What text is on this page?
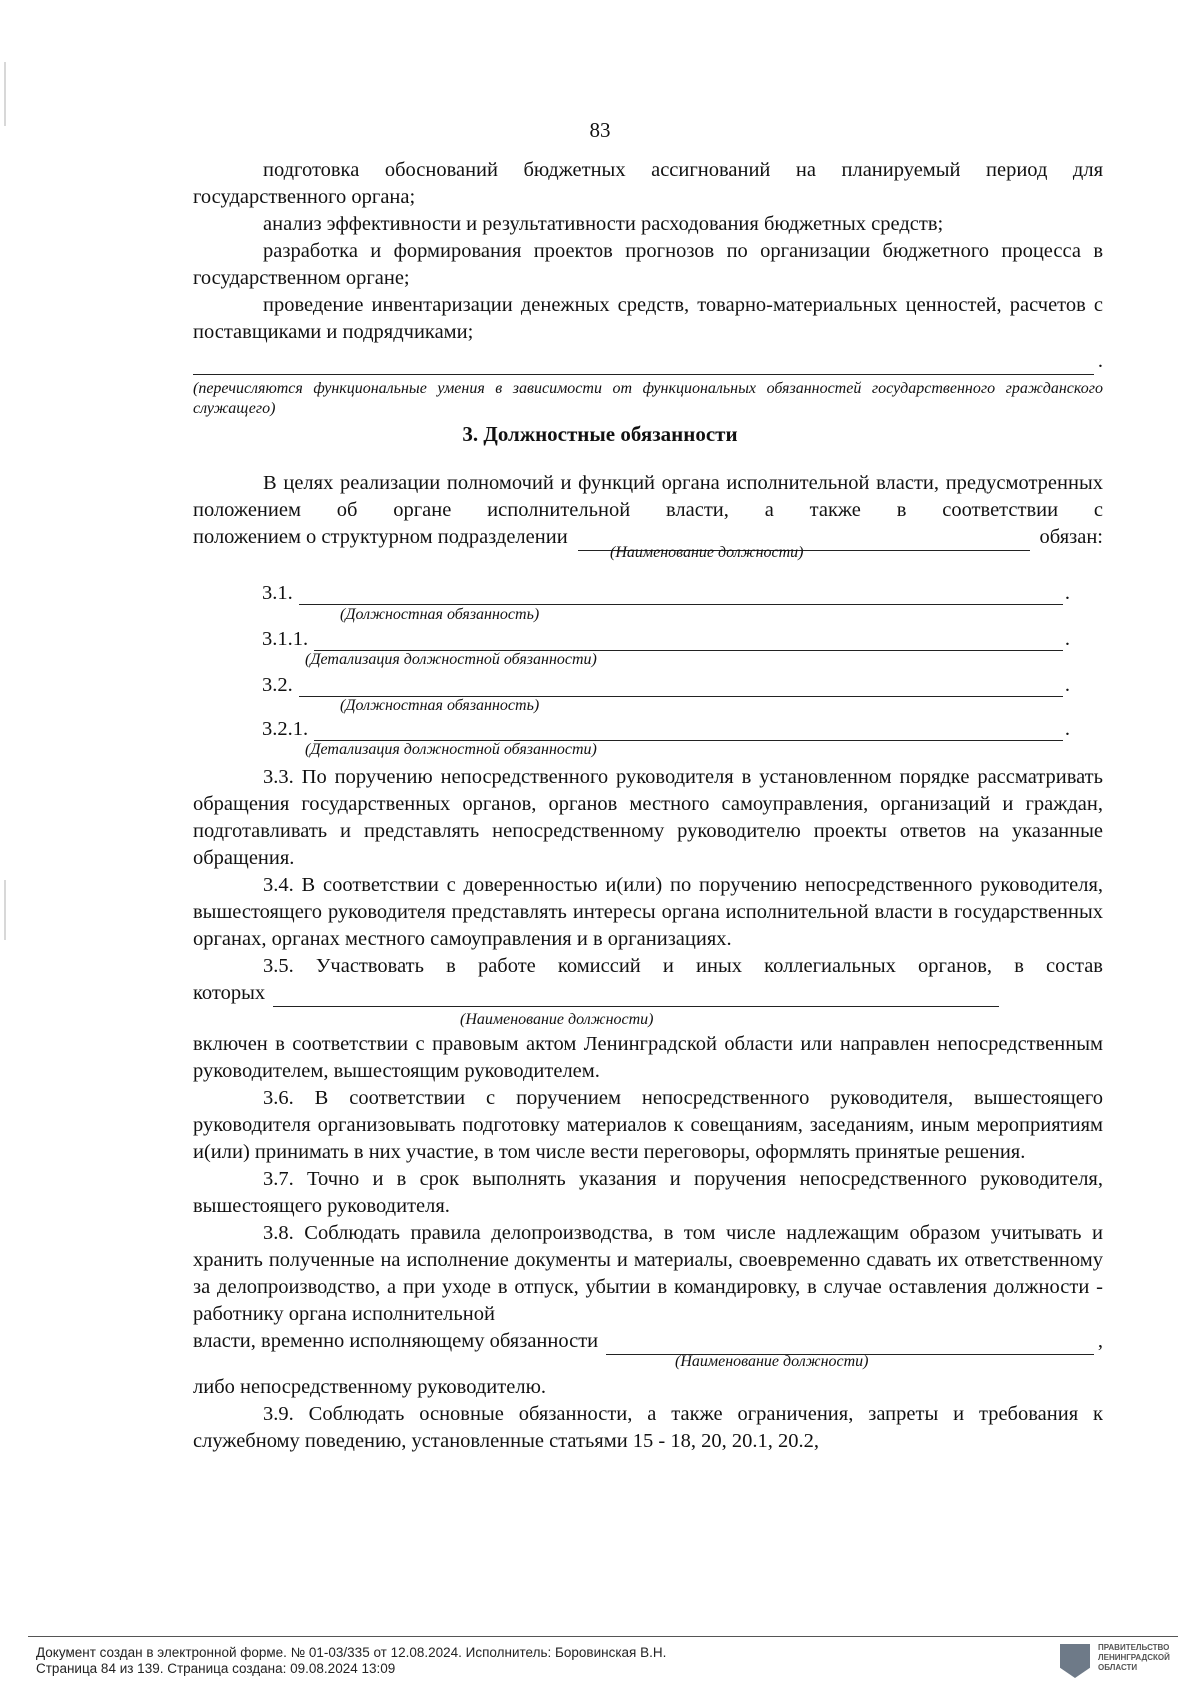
83

подготовка обоснований бюджетных ассигнований на планируемый период для государственного органа;

анализ эффективности и результативности расходования бюджетных средств;

разработка и формирования проектов прогнозов по организации бюджетного процесса в государственном органе;

проведение инвентаризации денежных средств, товарно-материальных ценностей, расчетов с поставщиками и подрядчиками;

.
(перечисляются функциональные умения в зависимости от функциональных обязанностей государственного гражданского служащего)
3. Должностные обязанности

В целях реализации полномочий и функций органа исполнительной власти, предусмотренных положением об органе исполнительной власти, а также в соответствии с

положением о структурном подразделении	обязан:
(Наименование должности)
3.1.	.
(Должностная обязанность)
3.1.1.	.
(Детализация должностной обязанности)
3.2.	.
(Должностная обязанность)
3.2.1.	.
(Детализация должностной обязанности)

3.3. По поручению непосредственного руководителя в установленном порядке рассматривать обращения государственных органов, органов местного самоуправления, организаций и граждан, подготавливать и представлять непосредственному руководителю проекты ответов на указанные обращения.

3.4. В соответствии с доверенностью и(или) по поручению непосредственного руководителя, вышестоящего руководителя представлять интересы органа исполнительной власти в государственных органах, органах местного самоуправления и в организациях.

3.5. Участвовать в работе комиссий и иных коллегиальных органов, в состав

которых
(Наименование должности)

включен в соответствии с правовым актом Ленинградской области или направлен непосредственным руководителем, вышестоящим руководителем.

3.6. В соответствии с поручением непосредственного руководителя, вышестоящего руководителя организовывать подготовку материалов к совещаниям, заседаниям, иным мероприятиям и(или) принимать в них участие, в том числе вести переговоры, оформлять принятые решения.

3.7. Точно и в срок выполнять указания и поручения непосредственного руководителя, вышестоящего руководителя.

3.8. Соблюдать правила делопроизводства, в том числе надлежащим образом учитывать и хранить полученные на исполнение документы и материалы, своевременно сдавать их ответственному за делопроизводство, а при уходе в отпуск, убытии в командировку, в случае оставления должности - работнику органа исполнительной

власти, временно исполняющему обязанности	,
(Наименование должности)

либо непосредственному руководителю.

3.9. Соблюдать основные обязанности, а также ограничения, запреты и требования к служебному поведению, установленные статьями 15 - 18, 20, 20.1, 20.2,

Документ создан в электронной форме. № 01-03/335 от 12.08.2024. Исполнитель: Боровинская В.Н.
Страница 84 из 139. Страница создана: 09.08.2024 13:09
ПРАВИТЕЛЬСТВО ЛЕНИНГРАДСКОЙ ОБЛАСТИ
